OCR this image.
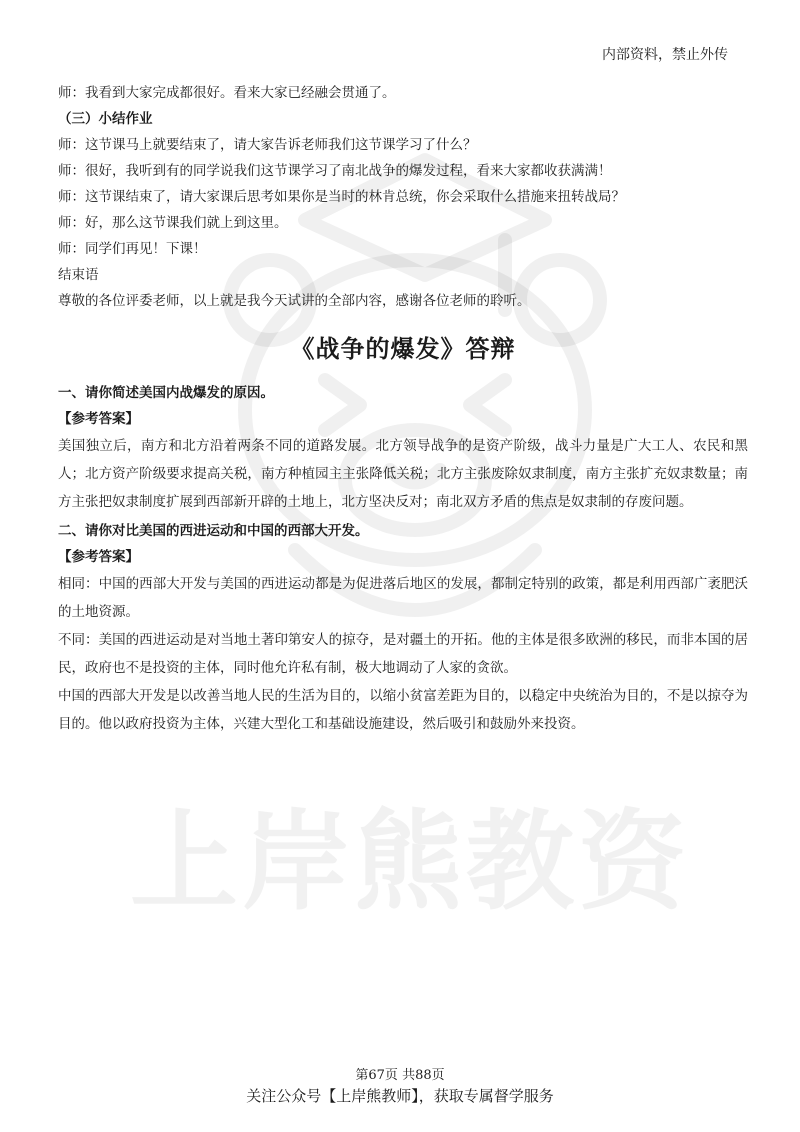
上岸熊教资
内部资料，禁止外传

师：我看到大家完成都很好。看来大家已经融会贯通了。

（三）小结作业

师：这节课马上就要结束了，请大家告诉老师我们这节课学习了什么？

师：很好，我听到有的同学说我们这节课学习了南北战争的爆发过程，看来大家都收获满满！

师：这节课结束了，请大家课后思考如果你是当时的林肯总统，你会采取什么措施来扭转战局？

师：好，那么这节课我们就上到这里。

师：同学们再见！下课！

结束语

尊敬的各位评委老师，以上就是我今天试讲的全部内容，感谢各位老师的聆听。

《战争的爆发》答辩

一、请你简述美国内战爆发的原因。

【参考答案】

美国独立后，南方和北方沿着两条不同的道路发展。北方领导战争的是资产阶级，战斗力量是广大工人、农民和黑人；北方资产阶级要求提高关税，南方种植园主主张降低关税；北方主张废除奴隶制度，南方主张扩充奴隶数量；南方主张把奴隶制度扩展到西部新开辟的土地上，北方坚决反对；南北双方矛盾的焦点是奴隶制的存废问题。

二、请你对比美国的西进运动和中国的西部大开发。

【参考答案】

相同：中国的西部大开发与美国的西进运动都是为促进落后地区的发展，都制定特别的政策，都是利用西部广袤肥沃的土地资源。

不同：美国的西进运动是对当地土著印第安人的掠夺，是对疆土的开拓。他的主体是很多欧洲的移民，而非本国的居民，政府也不是投资的主体，同时他允许私有制，极大地调动了人家的贪欲。

中国的西部大开发是以改善当地人民的生活为目的，以缩小贫富差距为目的，以稳定中央统治为目的，不是以掠夺为目的。他以政府投资为主体，兴建大型化工和基础设施建设，然后吸引和鼓励外来投资。

第67页 共88页
关注公众号【上岸熊教师】，获取专属督学服务
